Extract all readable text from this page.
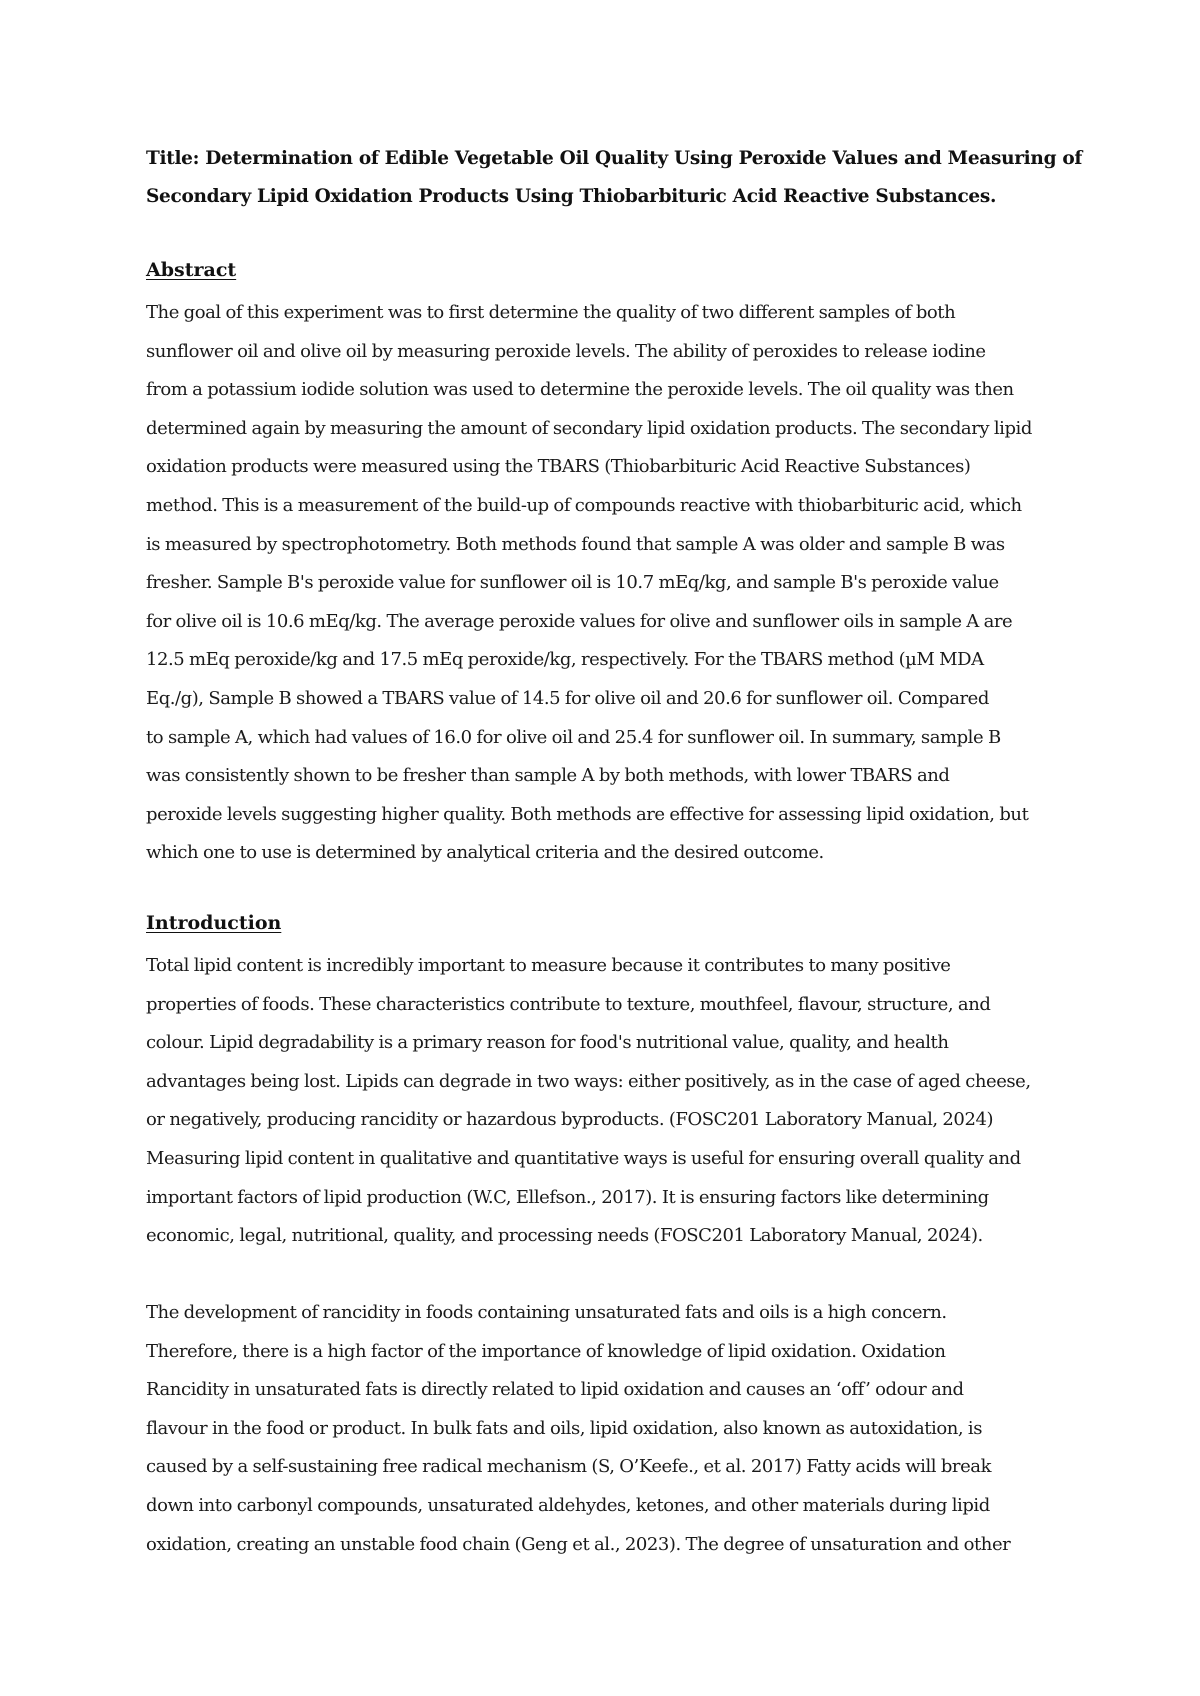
Title: Determination of Edible Vegetable Oil Quality Using Peroxide Values and Measuring of
Secondary Lipid Oxidation Products Using Thiobarbituric Acid Reactive Substances.
Abstract
The goal of this experiment was to first determine the quality of two different samples of both
sunflower oil and olive oil by measuring peroxide levels. The ability of peroxides to release iodine
from a potassium iodide solution was used to determine the peroxide levels. The oil quality was then
determined again by measuring the amount of secondary lipid oxidation products. The secondary lipid
oxidation products were measured using the TBARS (Thiobarbituric Acid Reactive Substances)
method. This is a measurement of the build-up of compounds reactive with thiobarbituric acid, which
is measured by spectrophotometry. Both methods found that sample A was older and sample B was
fresher. Sample B's peroxide value for sunflower oil is 10.7 mEq/kg, and sample B's peroxide value
for olive oil is 10.6 mEq/kg. The average peroxide values for olive and sunflower oils in sample A are
12.5 mEq peroxide/kg and 17.5 mEq peroxide/kg, respectively. For the TBARS method (µM MDA
Eq./g), Sample B showed a TBARS value of 14.5 for olive oil and 20.6 for sunflower oil. Compared
to sample A, which had values of 16.0 for olive oil and 25.4 for sunflower oil. In summary, sample B
was consistently shown to be fresher than sample A by both methods, with lower TBARS and
peroxide levels suggesting higher quality. Both methods are effective for assessing lipid oxidation, but
which one to use is determined by analytical criteria and the desired outcome.
Introduction
Total lipid content is incredibly important to measure because it contributes to many positive
properties of foods. These characteristics contribute to texture, mouthfeel, flavour, structure, and
colour. Lipid degradability is a primary reason for food's nutritional value, quality, and health
advantages being lost. Lipids can degrade in two ways: either positively, as in the case of aged cheese,
or negatively, producing rancidity or hazardous byproducts. (FOSC201 Laboratory Manual, 2024)
Measuring lipid content in qualitative and quantitative ways is useful for ensuring overall quality and
important factors of lipid production (W.C, Ellefson., 2017). It is ensuring factors like determining
economic, legal, nutritional, quality, and processing needs (FOSC201 Laboratory Manual, 2024).
The development of rancidity in foods containing unsaturated fats and oils is a high concern.
Therefore, there is a high factor of the importance of knowledge of lipid oxidation. Oxidation
Rancidity in unsaturated fats is directly related to lipid oxidation and causes an ‘off’ odour and
flavour in the food or product. In bulk fats and oils, lipid oxidation, also known as autoxidation, is
caused by a self-sustaining free radical mechanism (S, O’Keefe., et al. 2017) Fatty acids will break
down into carbonyl compounds, unsaturated aldehydes, ketones, and other materials during lipid
oxidation, creating an unstable food chain (Geng et al., 2023). The degree of unsaturation and other
